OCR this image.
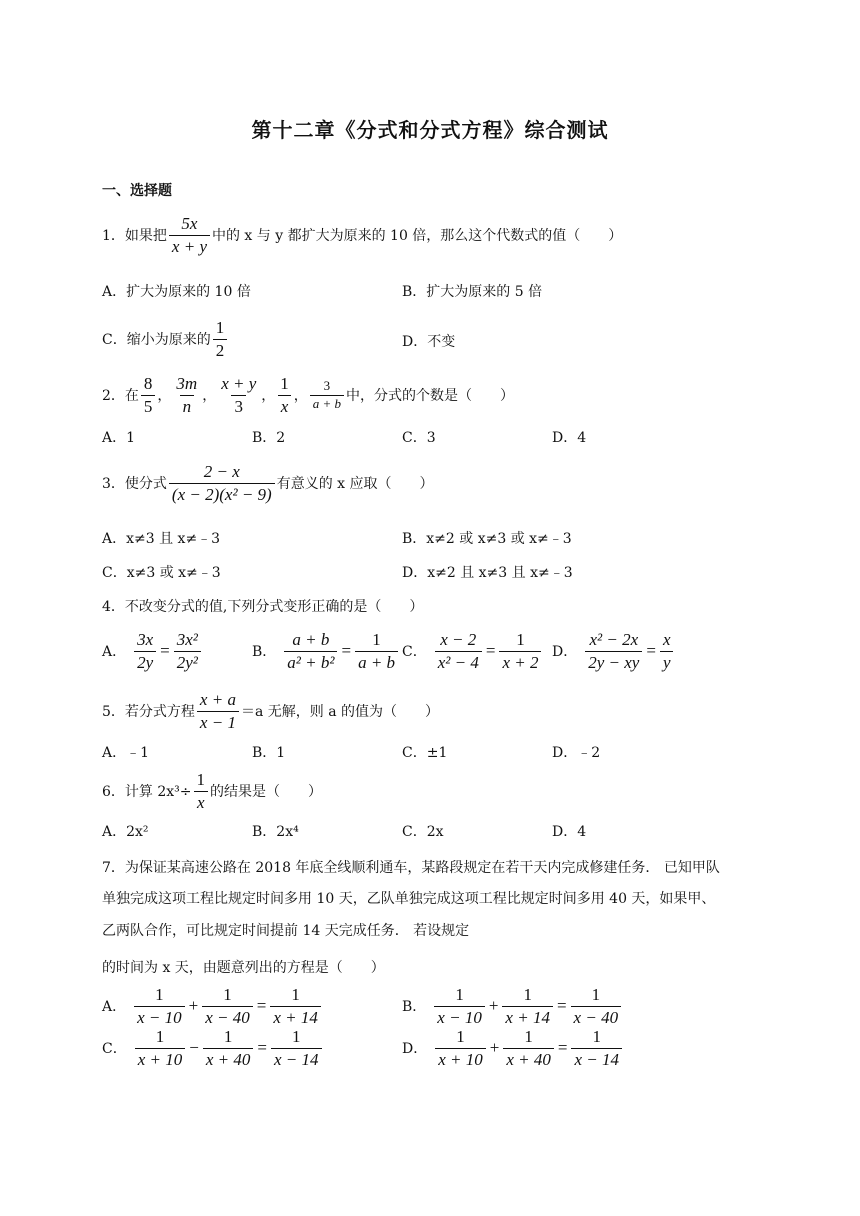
第十二章《分式和分式方程》综合测试
一、选择题
1．如果把 $\frac{5x}{x + y}$ 中的 x 与 y 都扩大为原来的 10 倍，那么这个代数式的值（　　）
A．扩大为原来的 10 倍	B．扩大为原来的 5 倍
C．缩小为原来的 $\frac{1}{2}$	D．不变
2．在 $\frac{8}{5}$ ， $\frac{3m}{n}$ ， $\frac{x + y}{3}$ ， $\frac{1}{x}$ ， $\frac{3}{a + b}$ 中，分式的个数是（　　）
A．1	B．2	C．3	D．4
3．使分式 $\frac{2 - x}{\text{(x − 2)(x² − 9)}}$ 有意义的 x 应取（　　）
A．x≠3 且 x≠﹣3	B．x≠2 或 x≠3 或 x≠﹣3
C．x≠3 或 x≠﹣3	D．x≠2 且 x≠3 且 x≠﹣3
4．不改变分式的值,下列分式变形正确的是（　　）
A． $\frac{3x}{2y} = \frac{\text{3x²}}{\text{2y²}}$	B． $\frac{a + b}{\text{a² + b²}} = \frac{1}{a + b}$ C． $\frac{x - 2}{\text{x² − 4}} = \frac{1}{x + 2}$ D． $\frac{\text{x² − 2x}}{2y - xy} = \frac{x}{y}$
5．若分式方程 $\frac{x + a}{x - 1} =a$ 无解，则 a 的值为（　　）
A．﹣1	B．1	C．±1	D．﹣2
6．计算 $2x^3\div \frac{1}{x}$ 的结果是（　　）
A．2x²	B．2x⁴	C．2x	D．4
7．为保证某高速公路在 2018 年底全线顺利通车，某路段规定在若干天内完成修建任务． 已知甲队
单独完成这项工程比规定时间多用 10 天，乙队单独完成这项工程比规定时间多用 40 天，如果甲、
乙两队合作，可比规定时间提前 14 天完成任务． 若设规定
的时间为 x 天，由题意列出的方程是（　　）
A． $\frac{1}{x - 10} + \frac{1}{x - 40} = \frac{1}{x + 14}$	B． $\frac{1}{x - 10} + \frac{1}{x + 14} = \frac{1}{x - 40}$
C． $\frac{1}{x + 10} - \frac{1}{x + 40} = \frac{1}{x - 14}$	D． $\frac{1}{x + 10} + \frac{1}{x + 40} = \frac{1}{x - 14}$
